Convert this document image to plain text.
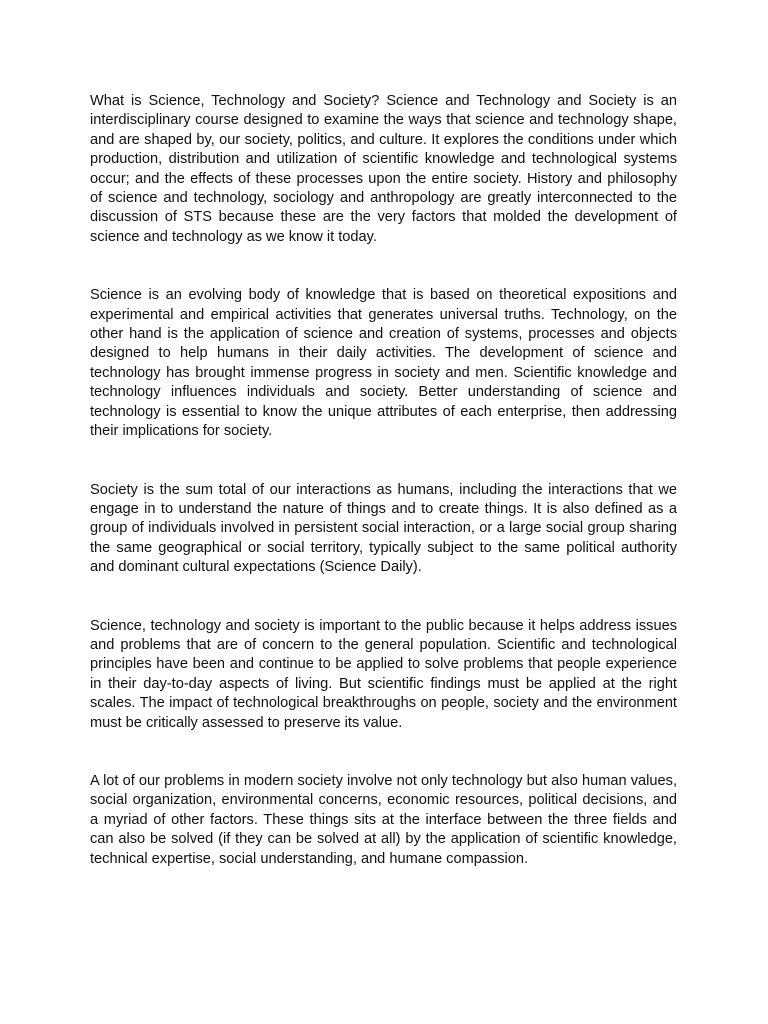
What is Science, Technology and Society? Science and Technology and Society is an interdisciplinary course designed to examine the ways that science and technology shape, and are shaped by, our society, politics, and culture. It explores the conditions under which production, distribution and utilization of scientific knowledge and technological systems occur; and the effects of these processes upon the entire society. History and philosophy of science and technology, sociology and anthropology are greatly interconnected to the discussion of STS because these are the very factors that molded the development of science and technology as we know it today.

Science is an evolving body of knowledge that is based on theoretical expositions and experimental and empirical activities that generates universal truths. Technology, on the other hand is the application of science and creation of systems, processes and objects designed to help humans in their daily activities. The development of science and technology has brought immense progress in society and men. Scientific knowledge and technology influences individuals and society. Better understanding of science and technology is essential to know the unique attributes of each enterprise, then addressing their implications for society.

Society is the sum total of our interactions as humans, including the interactions that we engage in to understand the nature of things and to create things. It is also defined as a group of individuals involved in persistent social interaction, or a large social group sharing the same geographical or social territory, typically subject to the same political authority and dominant cultural expectations (Science Daily).

Science, technology and society is important to the public because it helps address issues and problems that are of concern to the general population. Scientific and technological principles have been and continue to be applied to solve problems that people experience in their day-to-day aspects of living. But scientific findings must be applied at the right scales. The impact of technological breakthroughs on people, society and the environment must be critically assessed to preserve its value.

A lot of our problems in modern society involve not only technology but also human values, social organization, environmental concerns, economic resources, political decisions, and a myriad of other factors. These things sits at the interface between the three fields and can also be solved (if they can be solved at all) by the application of scientific knowledge, technical expertise, social understanding, and humane compassion.
